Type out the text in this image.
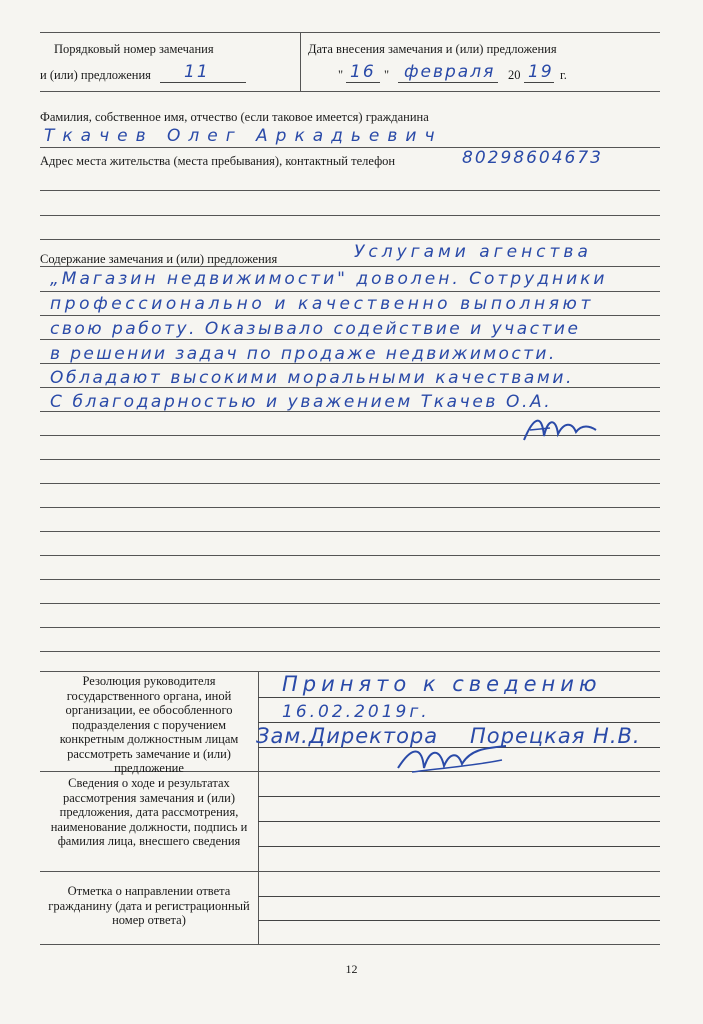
Порядковый номер замечания
и (или) предложения 11
Дата внесения замечания и (или) предложения
" 16 " февраля 20 19 г.
Фамилия, собственное имя, отчество (если таковое имеется) гражданина
Ткачев Олег Аркадьевич
Адрес места жительства (места пребывания), контактный телефон	80298604673
Содержание замечания и (или) предложения	Услугами агенства
„Магазин недвижимости" доволен. Сотрудники
профессионально и качественно выполняют
свою работу. Оказывало содействие и участие
в решении задач по продаже недвижимости.
Обладают высокими моральными качествами.
С благодарностью и уважением Ткачев О.А.
Резолюция руководителя государственного органа, иной организации, ее обособленного подразделения с поручением конкретным должностным лицам рассмотреть замечание и (или) предложение
Принято к сведению
16.02.2019г.
Зам.Директора Порецкая Н.В.
Сведения о ходе и результатах рассмотрения замечания и (или) предложения, дата рассмотрения, наименование должности, подпись и фамилия лица, внесшего сведения
Отметка о направлении ответа гражданину (дата и регистрационный номер ответа)
12
